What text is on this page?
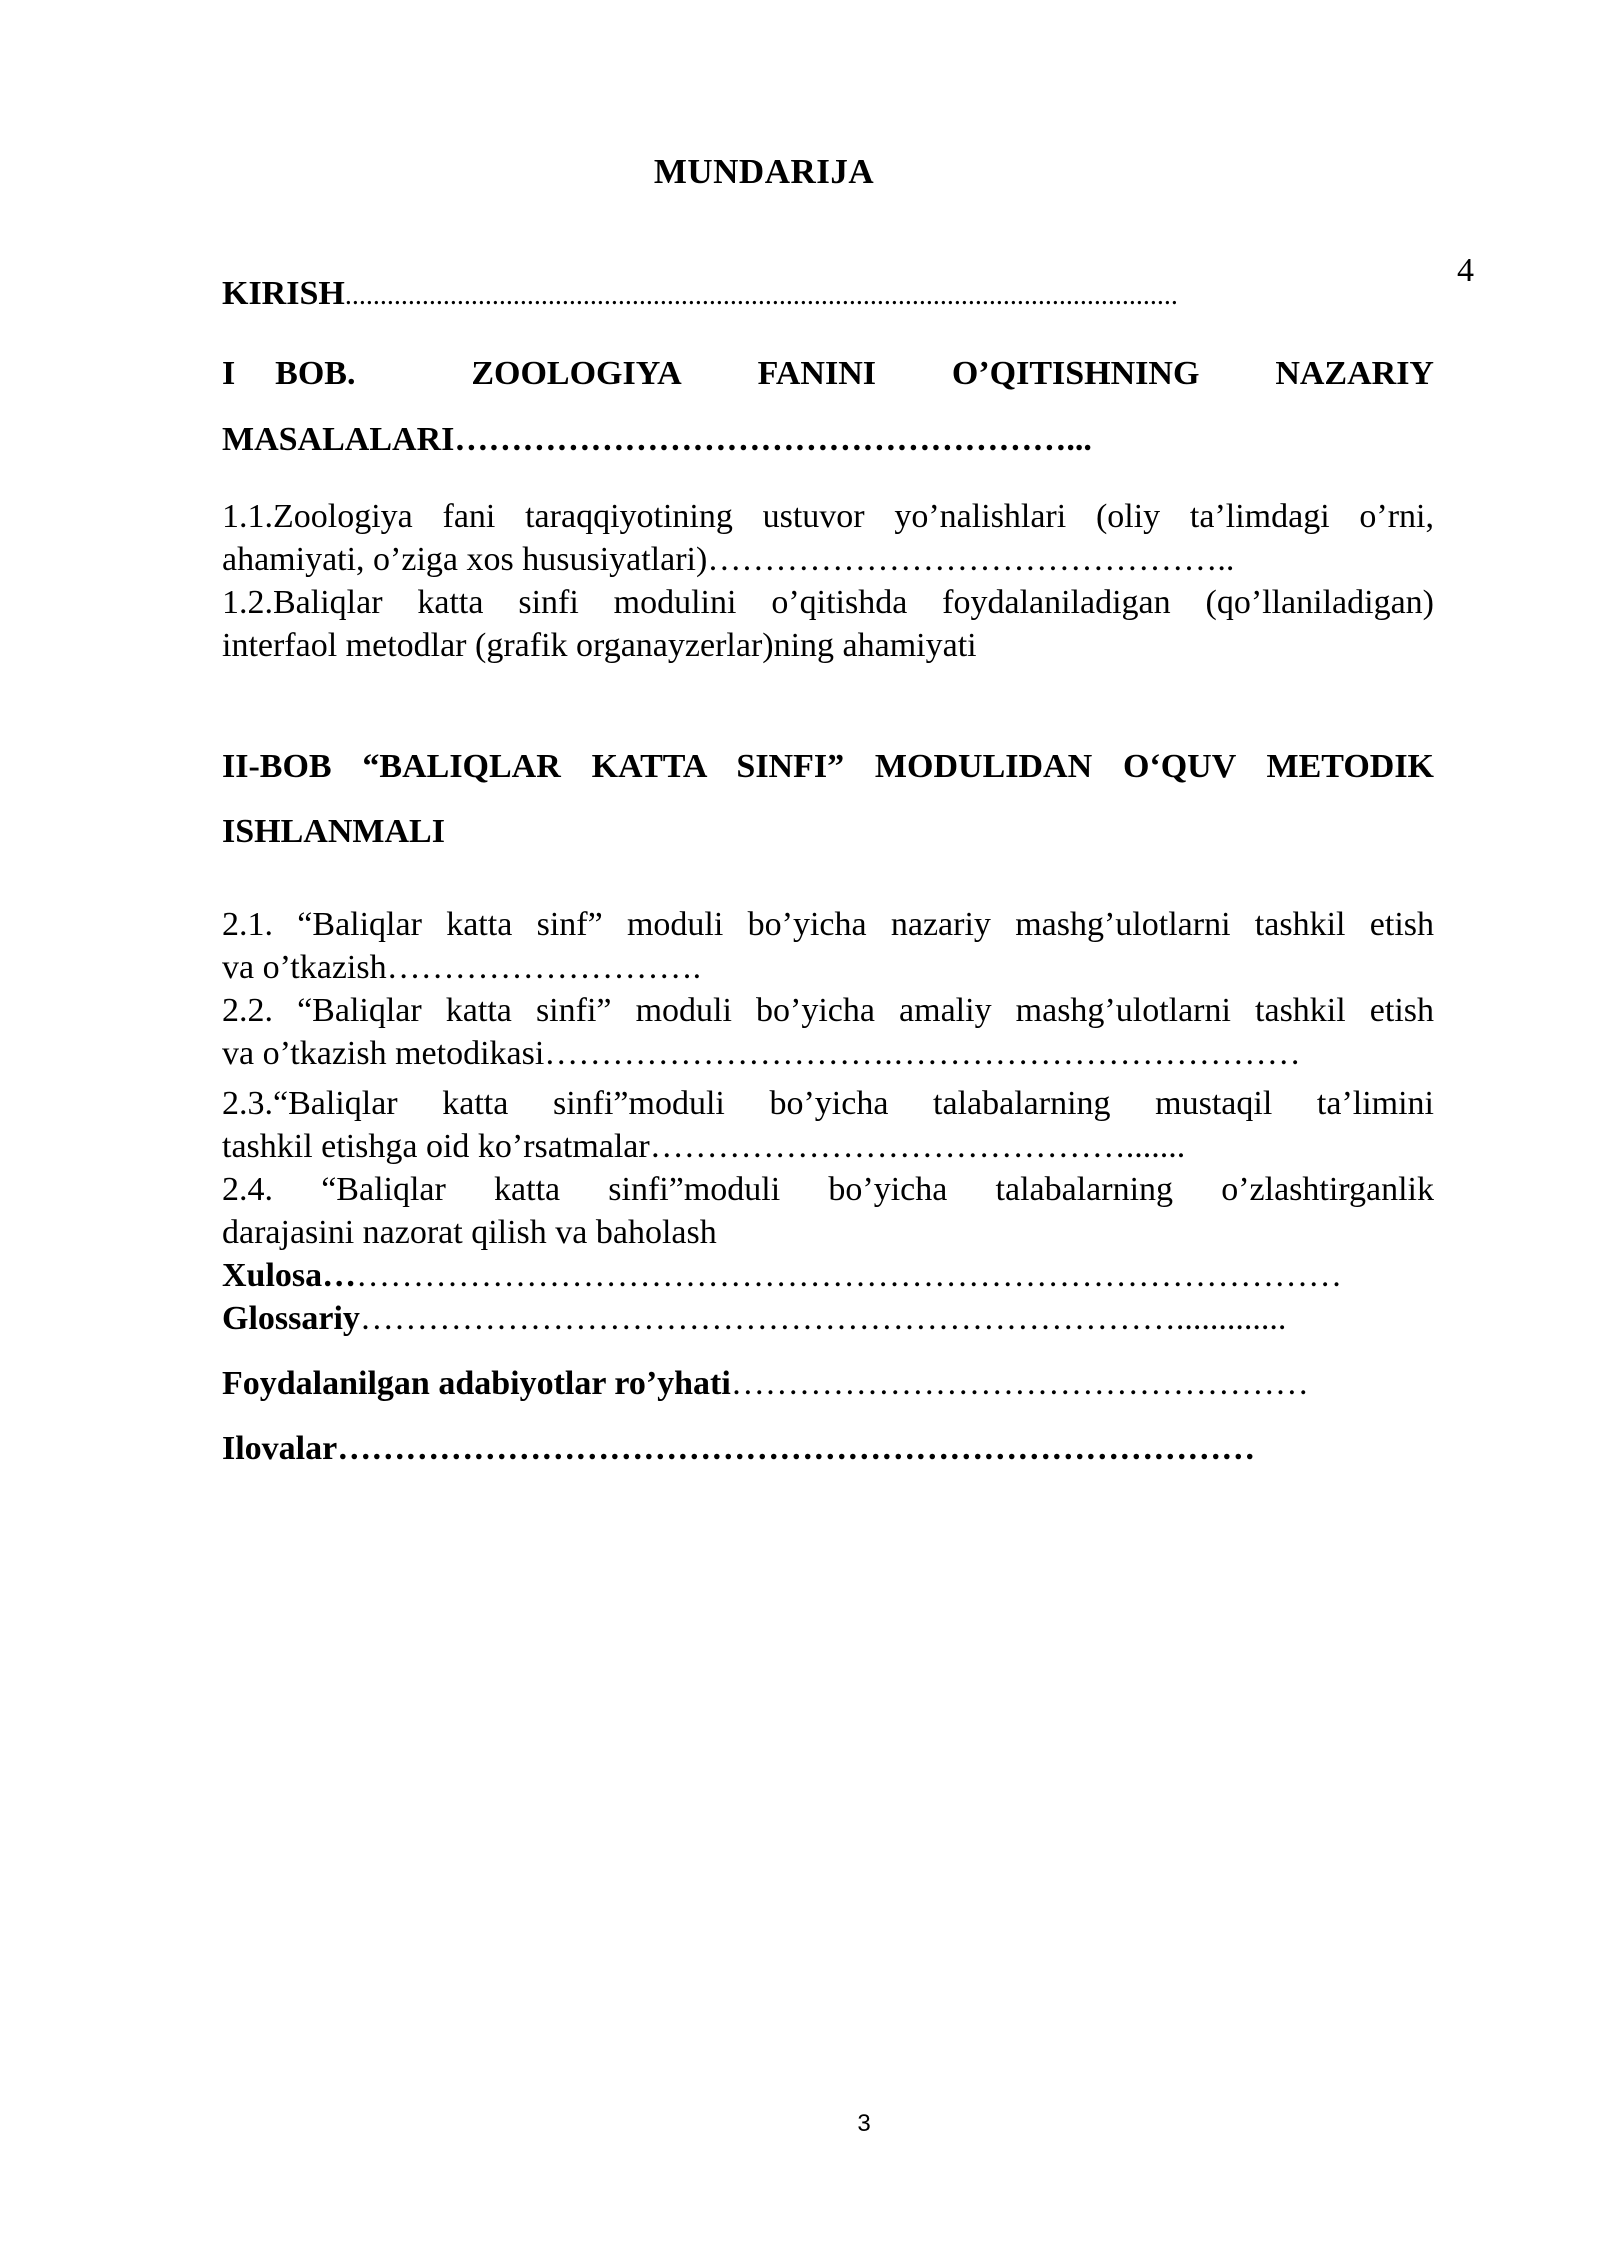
MUNDARIJA
KIRISH.......................................................................................................................
4
I BOB.	ZOOLOGIYA FANINI O’QITISHNING NAZARIY
MASALALARI………………………………………………...
1.1.Zoologiya fani taraqqiyotining ustuvor yo’nalishlari (oliy ta’limdagi o’rni,
ahamiyati, o’ziga xos hususiyatlari)………………………………………..
1.2.Baliqlar katta sinfi modulini o’qitishda foydalaniladigan (qo’llaniladigan)
interfaol metodlar (grafik organayzerlar)ning ahamiyati
II-BOB “BALIQLAR KATTA SINFI” MODULIDAN O‘QUV METODIK
ISHLANMALI
2.1. “Baliqlar katta sinf” moduli bo’yicha nazariy mashg’ulotlarni tashkil etish
va o’tkazish……………………….
2.2. “Baliqlar katta sinfi” moduli bo’yicha amaliy mashg’ulotlarni tashkil etish
va o’tkazish metodikasi………………………….………………………………
2.3.“Baliqlar katta sinfi”moduli bo’yicha talabalarning mustaqil ta’limini
tashkil etishga oid ko’rsatmalar…………………………………….......
2.4. “Baliqlar katta sinfi”moduli bo’yicha talabalarning o’zlashtirganlik
darajasini nazorat qilish va baholash
Xulosa………………………………………………………………………………
Glossariy……………………………………………………………….............
Foydalanilgan adabiyotlar ro’yhati……………………………………………
Ilovalar………………………………………………………………………
3
